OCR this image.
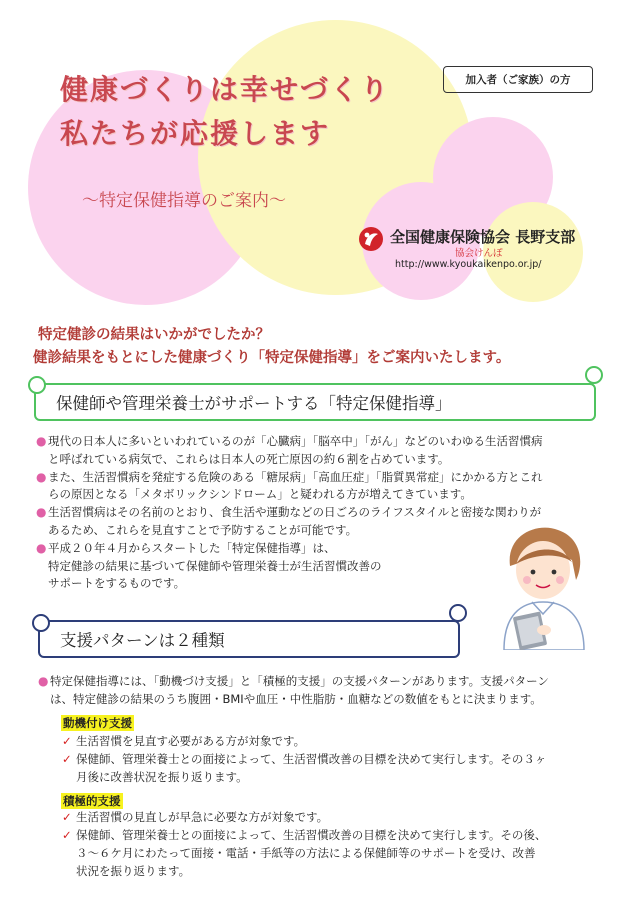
加入者（ご家族）の方
健康づくりは幸せづくり
私たちが応援します
～特定保健指導のご案内～
全国健康保険協会 長野支部
協会けんぽ
http://www.kyoukaikenpo.or.jp/
特定健診の結果はいかがでしたか？
健診結果をもとにした健康づくり「特定保健指導」をご案内いたします。
保健師や管理栄養士がサポートする「特定保健指導」

● 現代の日本人に多いといわれているのが「心臓病」「脳卒中」「がん」などのいわゆる生活習慣病

と呼ばれている病気で、これらは日本人の死亡原因の約６割を占めています。

● また、生活習慣病を発症する危険のある「糖尿病」「高血圧症」「脂質異常症」にかかる方とこれ

らの原因となる「メタボリックシンドローム」と疑われる方が増えてきています。

● 生活習慣病はその名前のとおり、食生活や運動などの日ごろのライフスタイルと密接な関わりが

あるため、これらを見直すことで予防することが可能です。

● 平成２０年４月からスタートした「特定保健指導」は、

特定健診の結果に基づいて保健師や管理栄養士が生活習慣改善の

サポートをするものです。

支援パターンは２種類

● 特定保健指導には、「動機づけ支援」と「積極的支援」の支援パターンがあります。支援パターン

は、特定健診の結果のうち腹囲・BMIや血圧・中性脂肪・血糖などの数値をもとに決まります。

動機付け支援

✓ 生活習慣を見直す必要がある方が対象です。

✓ 保健師、管理栄養士との面接によって、生活習慣改善の目標を決めて実行します。その３ヶ

月後に改善状況を振り返ります。

積極的支援

✓ 生活習慣の見直しが早急に必要な方が対象です。

✓ 保健師、管理栄養士との面接によって、生活習慣改善の目標を決めて実行します。その後、

３～６ケ月にわたって面接・電話・手紙等の方法による保健師等のサポートを受け、改善

状況を振り返ります。
